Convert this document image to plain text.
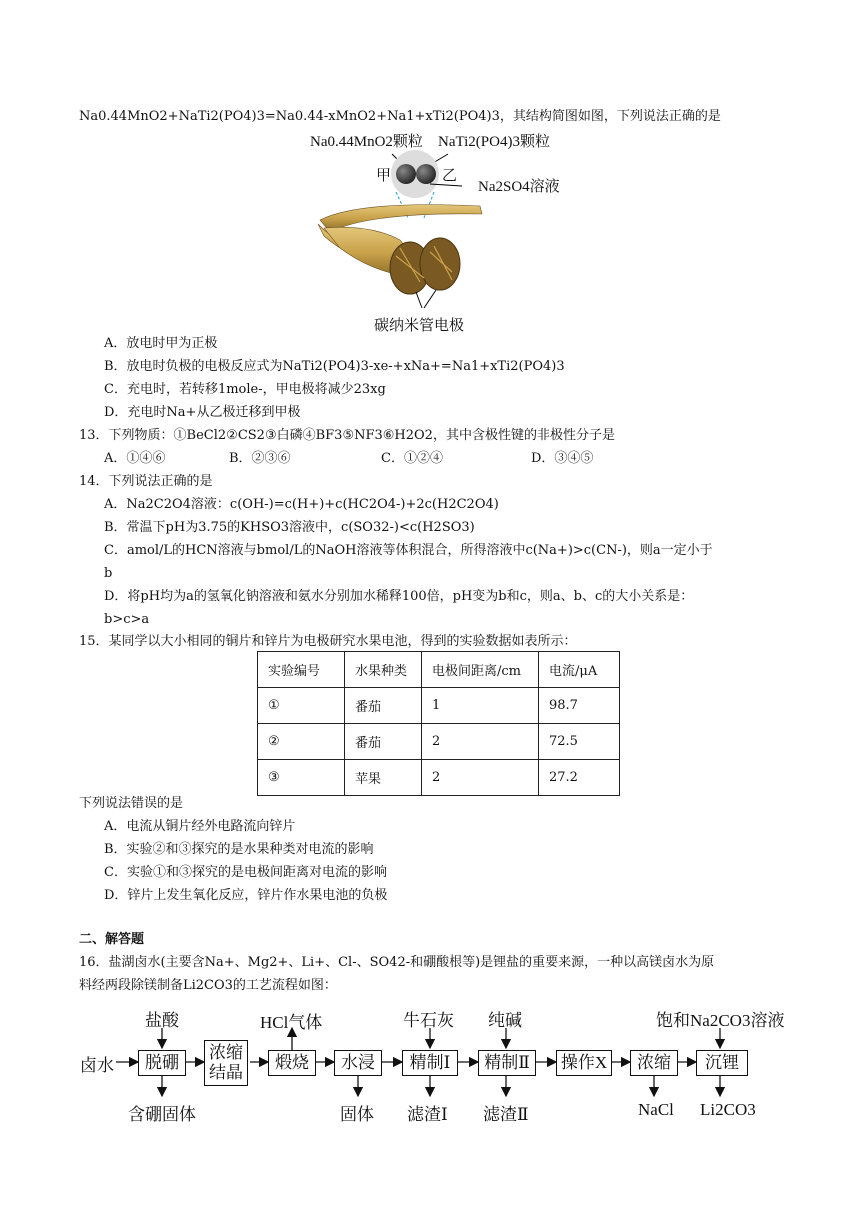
Na0.44MnO2+NaTi2(PO4)3=Na0.44-xMnO2+Na1+xTi2(PO4)3，其结构简图如图，下列说法正确的是
Na0.44MnO2颗粒 NaTi2(PO4)3颗粒
甲	乙
Na2SO4溶液
碳纳米管电极
A．放电时甲为正极
B．放电时负极的电极反应式为NaTi2(PO4)3-xe-+xNa+=Na1+xTi2(PO4)3
C．充电时，若转移1mole-，甲电极将减少23xg
D．充电时Na+从乙极迁移到甲极
13．下列物质：①BeCl2②CS2③白磷④BF3⑤NF3⑥H2O2，其中含极性键的非极性分子是
A．①④⑥	B．②③⑥	C．①②④	D．③④⑤
14．下列说法正确的是
A．Na2C2O4溶液：c(OH-)=c(H+)+c(HC2O4-)+2c(H2C2O4)
B．常温下pH为3.75的KHSO3溶液中，c(SO32-)<c(H2SO3)
C．amol/L的HCN溶液与bmol/L的NaOH溶液等体积混合，所得溶液中c(Na+)>c(CN-)，则a一定小于
b
D．将pH均为a的氢氧化钠溶液和氨水分别加水稀释100倍，pH变为b和c，则a、b、c的大小关系是：
b>c>a
15．某同学以大小相同的铜片和锌片为电极研究水果电池，得到的实验数据如表所示：
实验编号	水果种类	电极间距离/cm	电流/μA
①	番茄	1	98.7
②	番茄	2	72.5
③	苹果	2	27.2
下列说法错误的是
A．电流从铜片经外电路流向锌片
B．实验②和③探究的是水果种类对电流的影响
C．实验①和③探究的是电极间距离对电流的影响
D．锌片上发生氧化反应，锌片作水果电池的负极
二、解答题
16．盐湖卤水(主要含Na+、Mg2+、Li+、Cl-、SO42-和硼酸根等)是锂盐的重要来源，一种以高镁卤水为原
料经两段除镁制备Li2CO3的工艺流程如图：
卤水	脱硼
浓缩结晶
煅烧	水浸	精制Ⅰ	精制Ⅱ	操作X	浓缩	沉锂
盐酸	牛石灰 纯碱	饱和Na2CO3溶液
含硼固体
HCl气体
固体 滤渣Ⅰ 滤渣Ⅱ	NaCl Li2CO3
